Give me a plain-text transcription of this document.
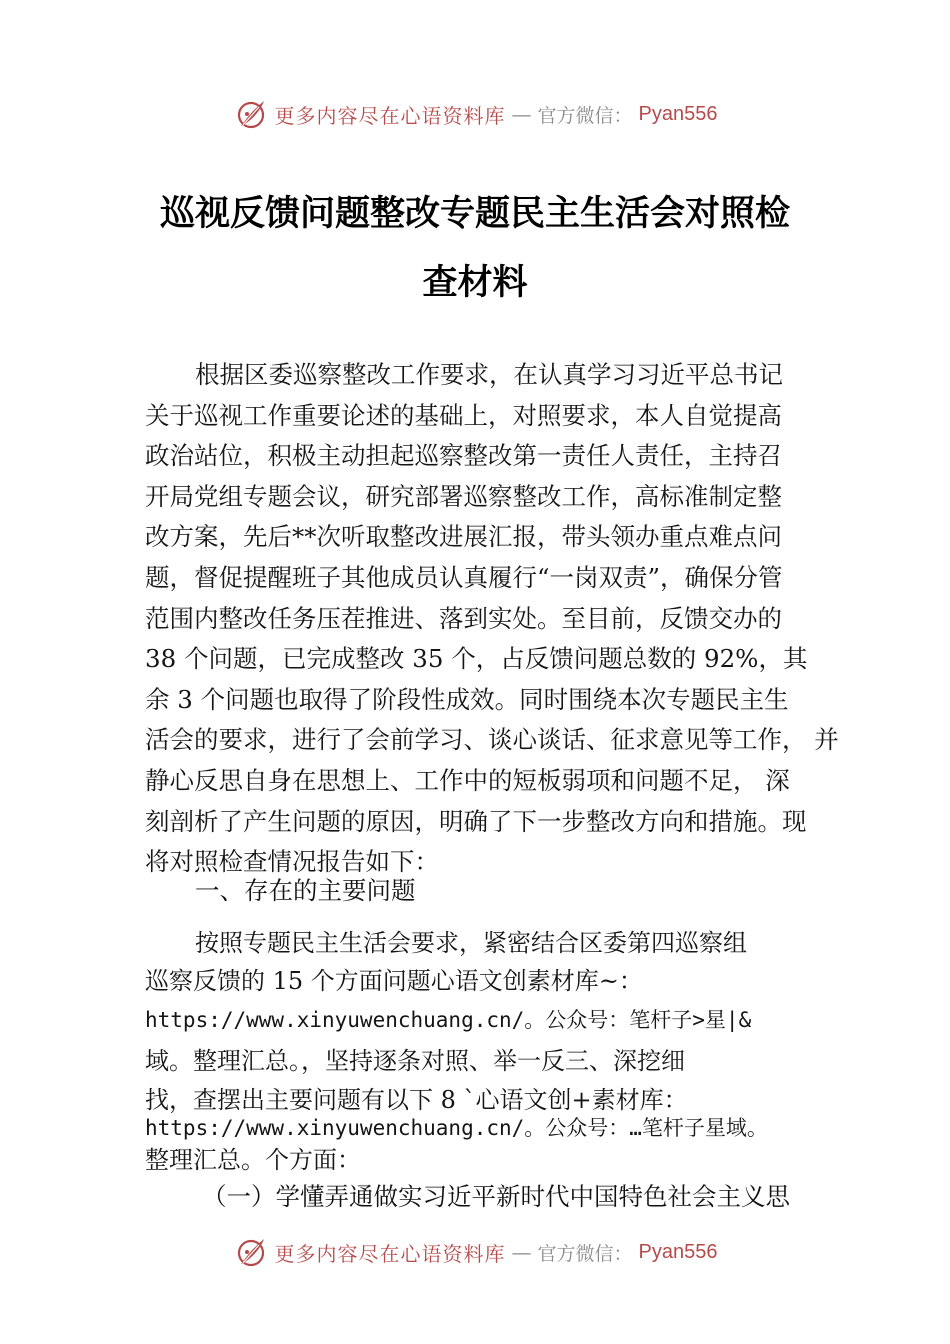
更多内容尽在心语资料库 — 官方微信： Pyan556
巡视反馈问题整改专题民主生活会对照检
查材料
根据区委巡察整改工作要求，在认真学习习近平总书记
关于巡视工作重要论述的基础上，对照要求，本人自觉提高
政治站位，积极主动担起巡察整改第一责任人责任，主持召
开局党组专题会议，研究部署巡察整改工作，高标准制定整
改方案，先后**次听取整改进展汇报，带头领办重点难点问
题，督促提醒班子其他成员认真履行“一岗双责”，确保分管
范围内整改任务压茬推进、落到实处。至目前，反馈交办的
38 个问题，已完成整改 35 个，占反馈问题总数的 92%，其
余 3 个问题也取得了阶段性成效。同时围绕本次专题民主生
活会的要求，进行了会前学习、谈心谈话、征求意见等工作， 并
静心反思自身在思想上、工作中的短板弱项和问题不足， 深
刻剖析了产生问题的原因，明确了下一步整改方向和措施。现
将对照检查情况报告如下：
一、存在的主要问题
按照专题民主生活会要求，紧密结合区委第四巡察组
巡察反馈的 15 个方面问题心语文创素材库~：
https://www.xinyuwenchuang.cn/。公众号：笔杆子>星|&
域。整理汇总。，坚持逐条对照、举一反三、深挖细
找，查摆出主要问题有以下 8 `心语文创+素材库：
https://www.xinyuwenchuang.cn/。公众号：…笔杆子星域。
整理汇总。个方面：
（一）学懂弄通做实习近平新时代中国特色社会主义思
更多内容尽在心语资料库 — 官方微信： Pyan556
